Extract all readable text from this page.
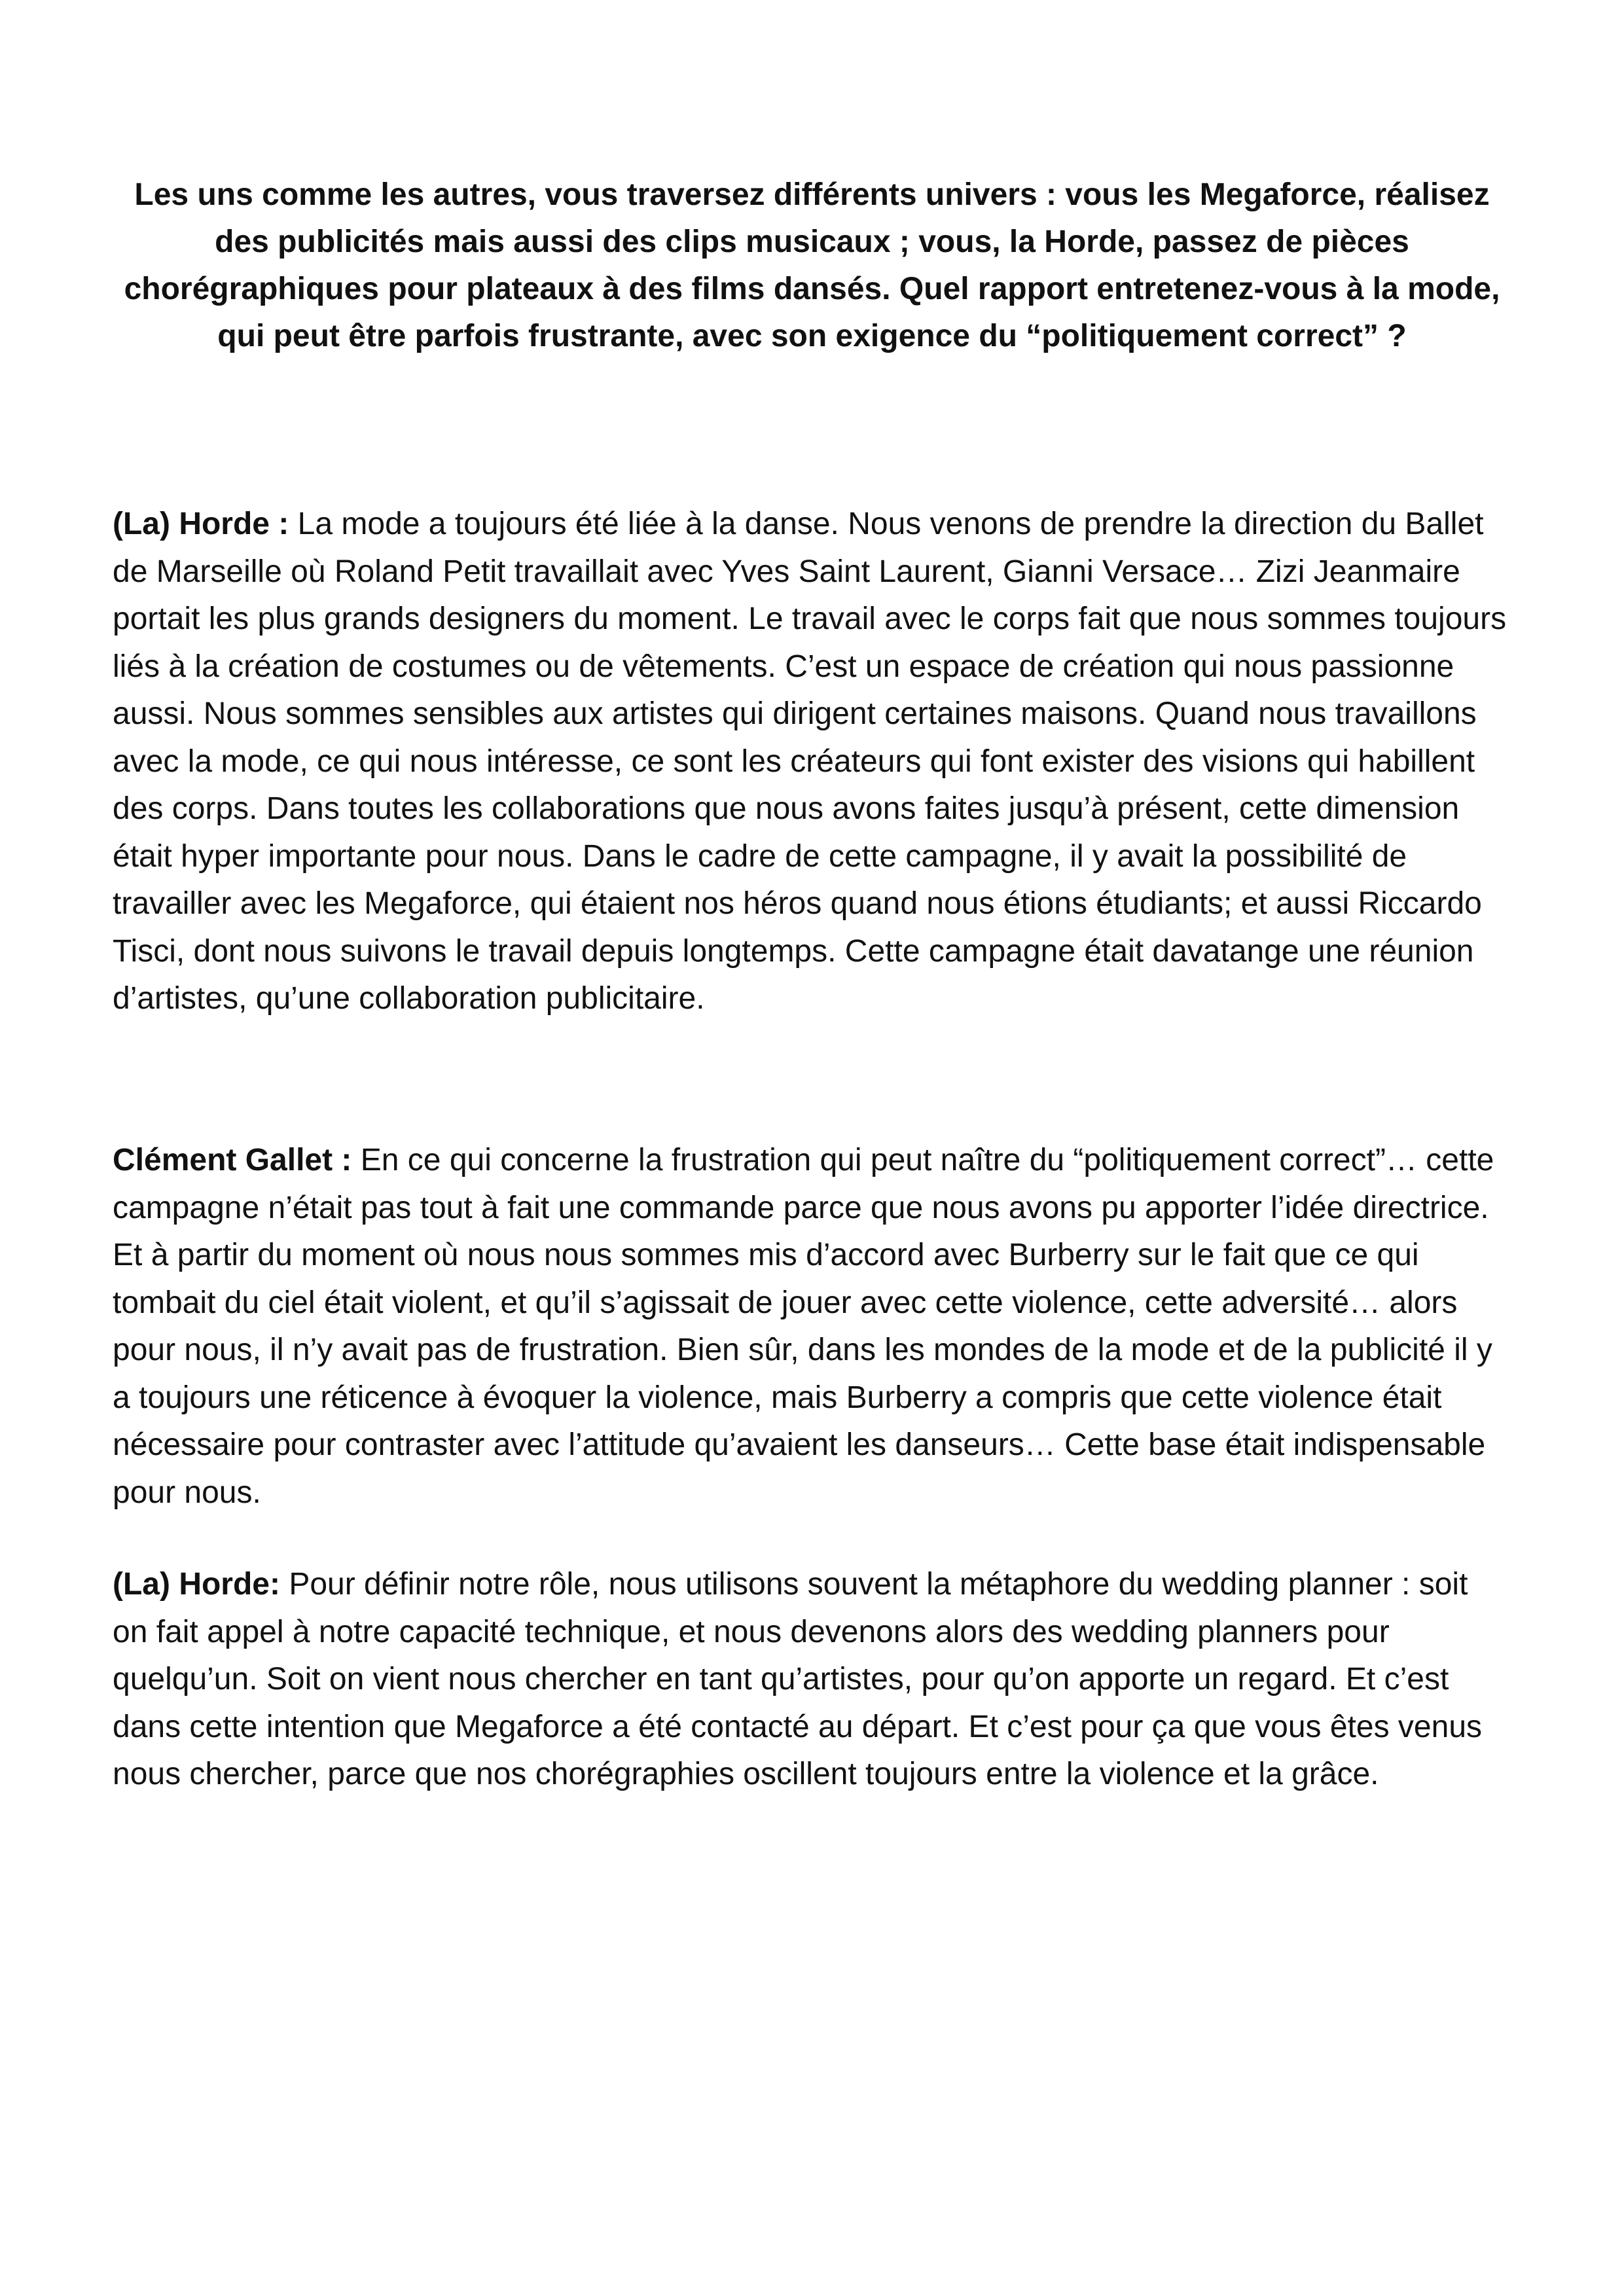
Les uns comme les autres, vous traversez différents univers : vous les Megaforce, réalisez des publicités mais aussi des clips musicaux ; vous, la Horde, passez de pièces chorégraphiques pour plateaux à des films dansés. Quel rapport entretenez-vous à la mode, qui peut être parfois frustrante, avec son exigence du “politiquement correct” ?

(La) Horde : La mode a toujours été liée à la danse. Nous venons de prendre la direction du Ballet de Marseille où Roland Petit travaillait avec Yves Saint Laurent, Gianni Versace… Zizi Jeanmaire portait les plus grands designers du moment. Le travail avec le corps fait que nous sommes toujours liés à la création de costumes ou de vêtements. C’est un espace de création qui nous passionne aussi. Nous sommes sensibles aux artistes qui dirigent certaines maisons. Quand nous travaillons avec la mode, ce qui nous intéresse, ce sont les créateurs qui font exister des visions qui habillent des corps. Dans toutes les collaborations que nous avons faites jusqu’à présent, cette dimension était hyper importante pour nous. Dans le cadre de cette campagne, il y avait la possibilité de travailler avec les Megaforce, qui étaient nos héros quand nous étions étudiants; et aussi Riccardo Tisci, dont nous suivons le travail depuis longtemps. Cette campagne était davatange une réunion d’artistes, qu’une collaboration publicitaire.

Clément Gallet : En ce qui concerne la frustration qui peut naître du “politiquement correct”… cette campagne n’était pas tout à fait une commande parce que nous avons pu apporter l’idée directrice. Et à partir du moment où nous nous sommes mis d’accord avec Burberry sur le fait que ce qui tombait du ciel était violent, et qu’il s’agissait de jouer avec cette violence, cette adversité… alors pour nous, il n’y avait pas de frustration. Bien sûr, dans les mondes de la mode et de la publicité il y a toujours une réticence à évoquer la violence, mais Burberry a compris que cette violence était nécessaire pour contraster avec l’attitude qu’avaient les danseurs… Cette base était indispensable pour nous.

(La) Horde: Pour définir notre rôle, nous utilisons souvent la métaphore du wedding planner : soit on fait appel à notre capacité technique, et nous devenons alors des wedding planners pour quelqu’un. Soit on vient nous chercher en tant qu’artistes, pour qu’on apporte un regard. Et c’est dans cette intention que Megaforce a été contacté au départ. Et c’est pour ça que vous êtes venus nous chercher, parce que nos chorégraphies oscillent toujours entre la violence et la grâce.
